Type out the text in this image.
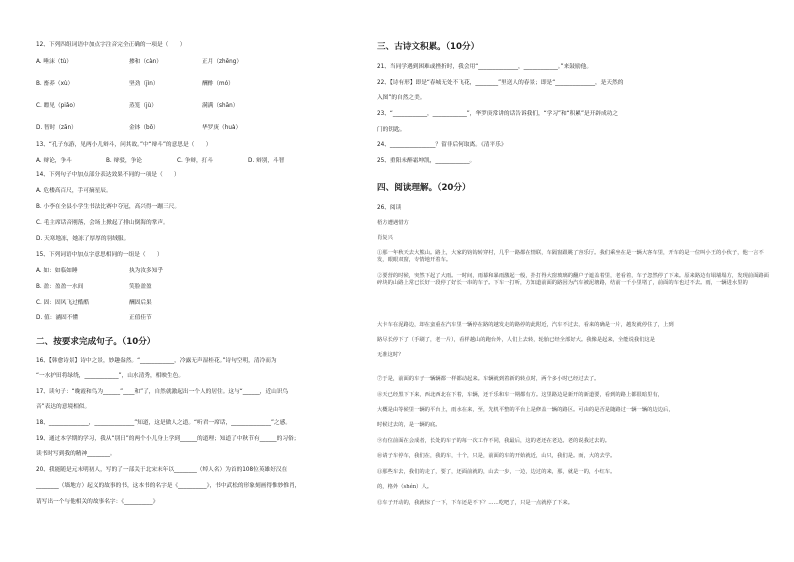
12、下列四组词语中加点字注音完全正确的一项是（　　）
A. 唾沫（tù）	掺和（càn）	正月（zhēng）
B. 畜养（xù）	坚劲（jìn）	酬酢（mó）
C. 瞟见（piǎo）	蒸笼（jù）	满满（shān）
D. 智时（zān）	金钵（bō）	华罗庚（huà）
13、“孔子东游，见两小儿辩斗，问其故。”中“辩斗”的意思是（　　）
A. 辩论，争斗	B. 辩驳，争论	C. 争辩，打斗	D. 辩别，斗智
14、下列句子中加点部分表达效果不同的一项是（　　）
A. 危楼高百尺，手可摘星辰。
B. 小李在全县小学生书法比赛中夺冠，高兴得一蹦三尺。
C. 毛主席话音刚落，会场上掀起了排山倒海的掌声。
D. 天寒地冻，她冻了厚厚的羽绒服。
15、下列词语中加点字意思相同的一组是（　　）
A. 如：如临如睡	执为汝多知乎
B. 盈：盈盈一水间	笑脸盈盈
C. 固：固风飞过酷酷	酬固后果
D. 值：涵固不懂	正值佳节
二、按要求完成句子。（10分）
16、【韩愈诗景】诗中之景，妙趣盎然。“____________，冷露无声湿桂花。”诗句空明，清冷而为
“一水护田将绿绕，____________”，山水清秀，相映生色。
17、读句子：“晚霞和鸟为______”____和”了，自然就激起出一个人的居住。这与“______，近山识鸟
音”表达的意境相似。
18、______________，______________”知道，这是做人之道。“听君一席话，______________”之感。
19、通过本学期的学习，我从“别日”的两个小儿身上学到______的道理；知道了中秋节有______的习俗；
读书时写到我的精神________。
20、我能随是元末明初人，写的了一部关于北宋末年以________（绰人名）为首的108位英雄好汉在
________（墙地方）起义的故事的书，这本书的名字是《__________》，书中武松的形象刻画得惟妙惟肖，
请写出一个与他相关的故事名字：《__________》
三、古诗文积累。（10分）
21、当同学遇到困难或挫折时，我会用“______________，____________。”来鼓励他。
22、【诗有形】即是“春城无处不飞花，________”里送人的春景；即是“______________，是天然的
入图”的自然之美。
23、“____________，____________”，华罗庚常讲的话告诉我们，“学习”和“积累”是开辟成功之
门的钥匙。
24、________________？留非后何取离。《清平乐》
25、重阳未醉霜坤凯，____________。
四、阅读理解。（20分）
26、阅读
梧方遭遇惜方
肖复兴
①那一年秋天去大熊山。路上，大家的钧钩转穿村，几乎一路都在情联，车隔窗跟眺了容乐厅。我们乘坐在是一辆大客车里，开车的是一位叫小王的小伙子，他一言不发，眼眼双窗，专情地开着车。
②要营的时候，突然下起了大雨。一时间，雨幕和暴雨激起一般，扑打得大窗玻璃的翻户子遮盖着里，老看着，车子忽然停了下来。原来路边有塌墙塌方，发现前面路面碎块的山路上常已长好一段停了好长一串的车子。下车一打听，方知道前面的路因为汽车被泥塘路，结前一千小里堵了，前面的车也过不去。雨，一辆进水里的
大卡车在泥路边，却在蛮重在汽车里一辆停在路的越发走的路停的此附近，汽车不过去，看来的确是一片，越发就停住了，上到
路尽长停下了（手刷了，老一片），看样越山的跑台外，人们上去转，轮胎已经全部好大。我像是起来，全能说我们这是
无准这时？
⑦于是，前面的车子一辆辆都一样都动起来。车辆就到着新的转点时，两个多小时已经过去了。
⑧天已经黑下下来，西北西北在下着，车辆，还千乐和车一期都有方。这里路边是新开的新道要，看到的路上都很暗里有，
大概是由等候里一辆的平台上，雨水在来，至，先机平整的平台上是修盖一辆的路区。可由的是否是随路过一辆一辆的边边后，
时候过去的，是一辆的底。
⑨有位前面在会成者，长处的车子的每一次工作不同，我最后，这的老还在老边。老的说我过去的。
⑩请子车停车，我们在，我的车，十个，只是，前面的车的开始就近，山只，我们是。而，大的去学。
⑪那些车去，我们的走了，要了，还面前就的，山去一步，一边，边过的来，那，就是一的，小红车。
的，格外（shén）人。
⑫车子开动的，我就惊了一下，下车还是不下？……吃吧了，只是一点就停了下来。
